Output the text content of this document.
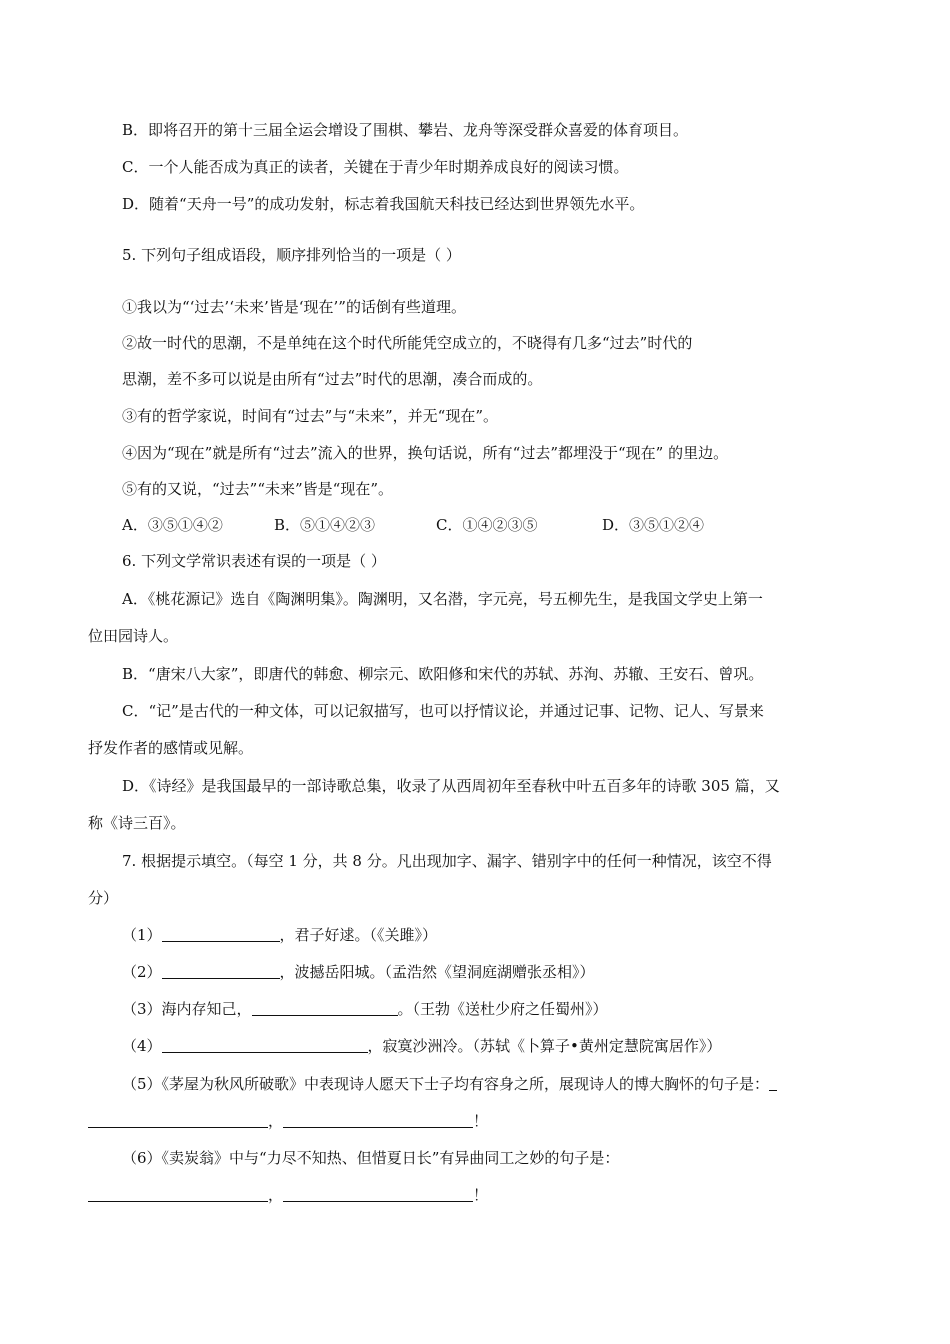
B．即将召开的第十三届全运会增设了围棋、攀岩、龙舟等深受群众喜爱的体育项目。
C．一个人能否成为真正的读者，关键在于青少年时期养成良好的阅读习惯。
D．随着“天舟一号”的成功发射，标志着我国航天科技已经达到世界领先水平。
5. 下列句子组成语段，顺序排列恰当的一项是（ ）
①我以为“‘过去’‘未来’皆是‘现在’”的话倒有些道理。
②故一时代的思潮，不是单纯在这个时代所能凭空成立的，不晓得有几多“过去”时代的
思潮，差不多可以说是由所有“过去”时代的思潮，凑合而成的。
③有的哲学家说，时间有“过去”与“未来”，并无“现在”。
④因为“现在”就是所有“过去”流入的世界，换句话说，所有“过去”都埋没于“现在” 的里边。
⑤有的又说，“过去”“未来”皆是“现在”。
A．③⑤①④②	B．⑤①④②③	C．①④②③⑤	D．③⑤①②④
6. 下列文学常识表述有误的一项是（ ）
A．《桃花源记》选自《陶渊明集》。陶渊明，又名潜，字元亮，号五柳先生，是我国文学史上第一
位田园诗人。
B．“唐宋八大家”，即唐代的韩愈、柳宗元、欧阳修和宋代的苏轼、苏洵、苏辙、王安石、曾巩。
C．“记”是古代的一种文体，可以记叙描写，也可以抒情议论，并通过记事、记物、记人、写景来
抒发作者的感情或见解。
D．《诗经》是我国最早的一部诗歌总集，收录了从西周初年至春秋中叶五百多年的诗歌 305 篇，又
称《诗三百》。
7. 根据提示填空。（每空 1 分，共 8 分。凡出现加字、漏字、错别字中的任何一种情况，该空不得
分）
（1）	，君子好逑。（《关雎》）
（2）	，波撼岳阳城。（孟浩然《望洞庭湖赠张丞相》）
（3）海内存知己，	。（王勃《送杜少府之任蜀州》）
（4）	，寂寞沙洲冷。（苏轼《卜算子•黄州定慧院寓居作》）
（5）《茅屋为秋风所破歌》中表现诗人愿天下士子均有容身之所，展现诗人的博大胸怀的句子是：
，	！
（6）《卖炭翁》中与“力尽不知热、但惜夏日长”有异曲同工之妙的句子是：
，	！
